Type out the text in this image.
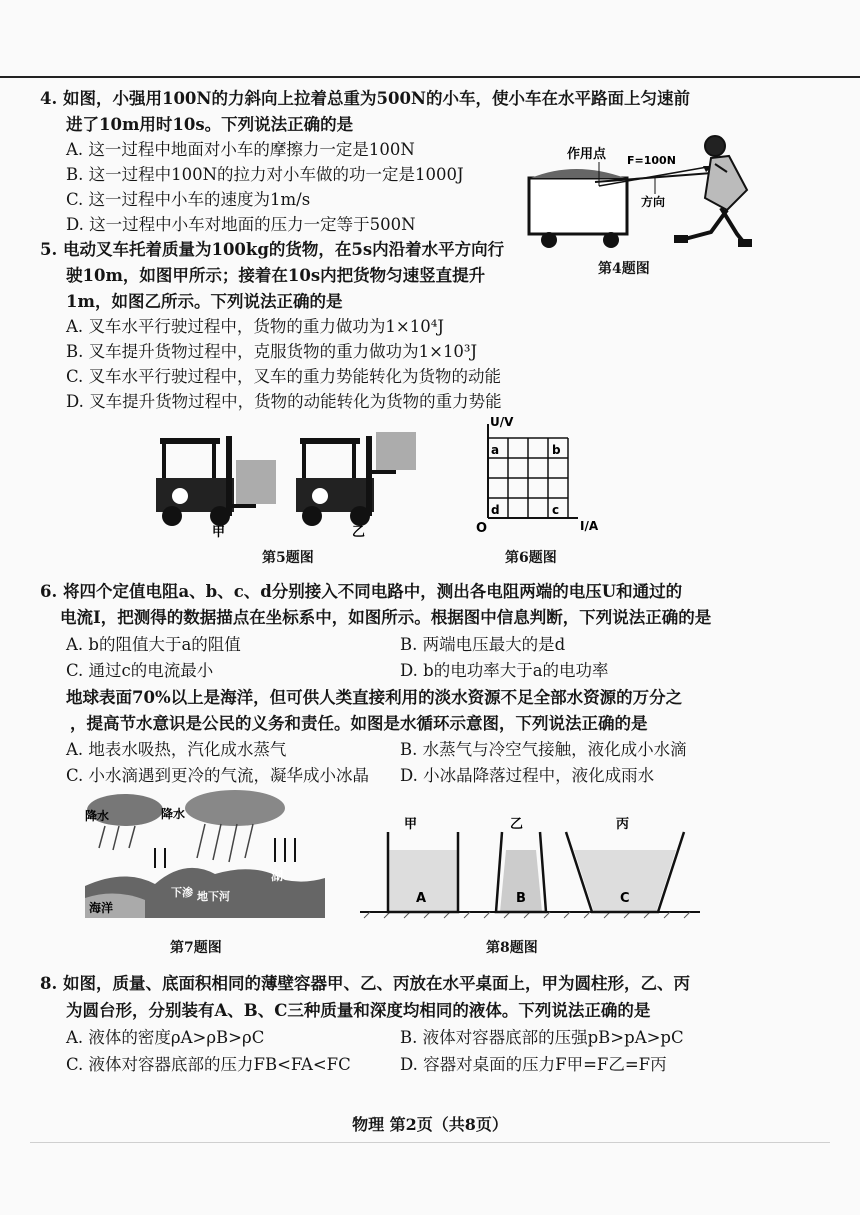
4. 如图，小强用100N的力斜向上拉着总重为500N的小车，使小车在水平路面上匀速前
进了10m用时10s。下列说法正确的是
A. 这一过程中地面对小车的摩擦力一定是100N
B. 这一过程中100N的拉力对小车做的功一定是1000J
C. 这一过程中小车的速度为1m/s
D. 这一过程中小车对地面的压力一定等于500N
作用点 F=100N
方向
第4题图
5. 电动叉车托着质量为100kg的货物，在5s内沿着水平方向行
驶10m，如图甲所示；接着在10s内把货物匀速竖直提升
1m，如图乙所示。下列说法正确的是
A. 叉车水平行驶过程中，货物的重力做功为1×10⁴J
B. 叉车提升货物过程中，克服货物的重力做功为1×10³J
C. 叉车水平行驶过程中，叉车的重力势能转化为货物的动能
D. 叉车提升货物过程中，货物的动能转化为货物的重力势能
甲	乙
第5题图
U/V
I/A
O
a	b
c
d
第6题图
6. 将四个定值电阻a、b、c、d分别接入不同电路中，测出各电阻两端的电压U和通过的
电流I，把测得的数据描点在坐标系中，如图所示。根据图中信息判断，下列说法正确的是
A. b的阻值大于a的阻值	B. 两端电压最大的是d
C. 通过c的电流最小	D. b的电功率大于a的电功率
地球表面70%以上是海洋，但可供人类直接利用的淡水资源不足全部水资源的万分之
，提高节水意识是公民的义务和责任。如图是水循环示意图，下列说法正确的是
A. 地表水吸热，汽化成水蒸气	B. 水蒸气与冷空气接触，液化成小水滴
C. 小水滴遇到更冷的气流，凝华成小冰晶 D. 小冰晶降落过程中，液化成雨水
降水	降水
下渗 地下河
海洋
湖
第7题图
甲
A
乙
B
丙
C
第8题图
8. 如图，质量、底面积相同的薄壁容器甲、乙、丙放在水平桌面上，甲为圆柱形，乙、丙
为圆台形，分别装有A、B、C三种质量和深度均相同的液体。下列说法正确的是
A. 液体的密度ρA>ρB>ρC	B. 液体对容器底部的压强pB>pA>pC
C. 液体对容器底部的压力FB<FA<FC	D. 容器对桌面的压力F甲=F乙=F丙
物理 第2页（共8页）
